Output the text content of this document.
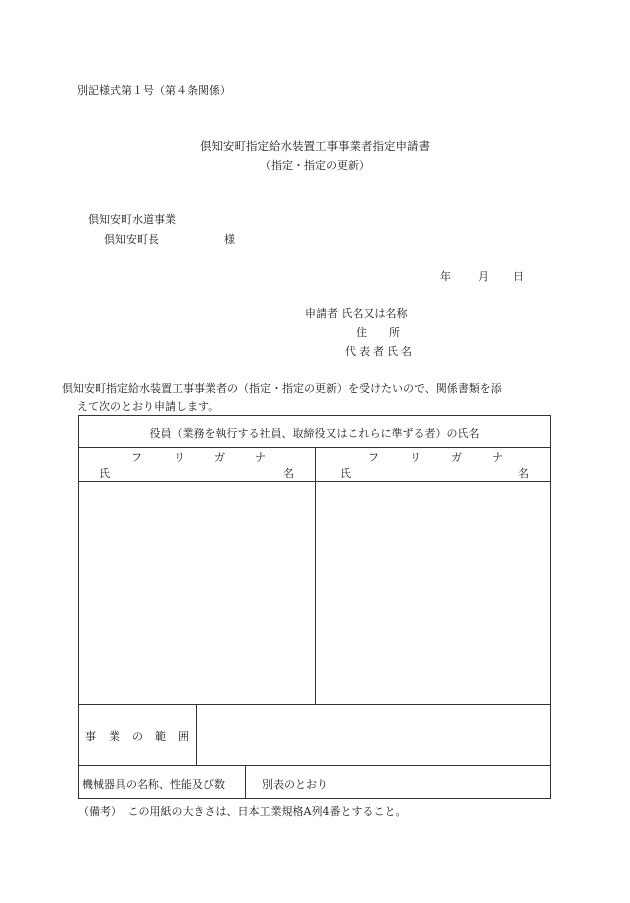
別記様式第１号（第４条関係）
倶知安町指定給水装置工事事業者指定申請書
（指定・指定の更新）
倶知安町水道事業
倶知安町長	様
年 月 日
申請者 氏名又は名称
住　　所
代表者氏名
倶知安町指定給水装置工事事業者の（指定・指定の更新）を受けたいので、関係書類を添
えて次のとおり申請します。
役員（業務を執行する社員、取締役又はこれらに準ずる者）の氏名
フ	リ	ガ	ナ
氏	名
フ	リ	ガ	ナ
氏	名
事 業 の 範 囲
機械器具の名称、性能及び数	別表のとおり
（備考）　この用紙の大きさは、日本工業規格A列4番とすること。
